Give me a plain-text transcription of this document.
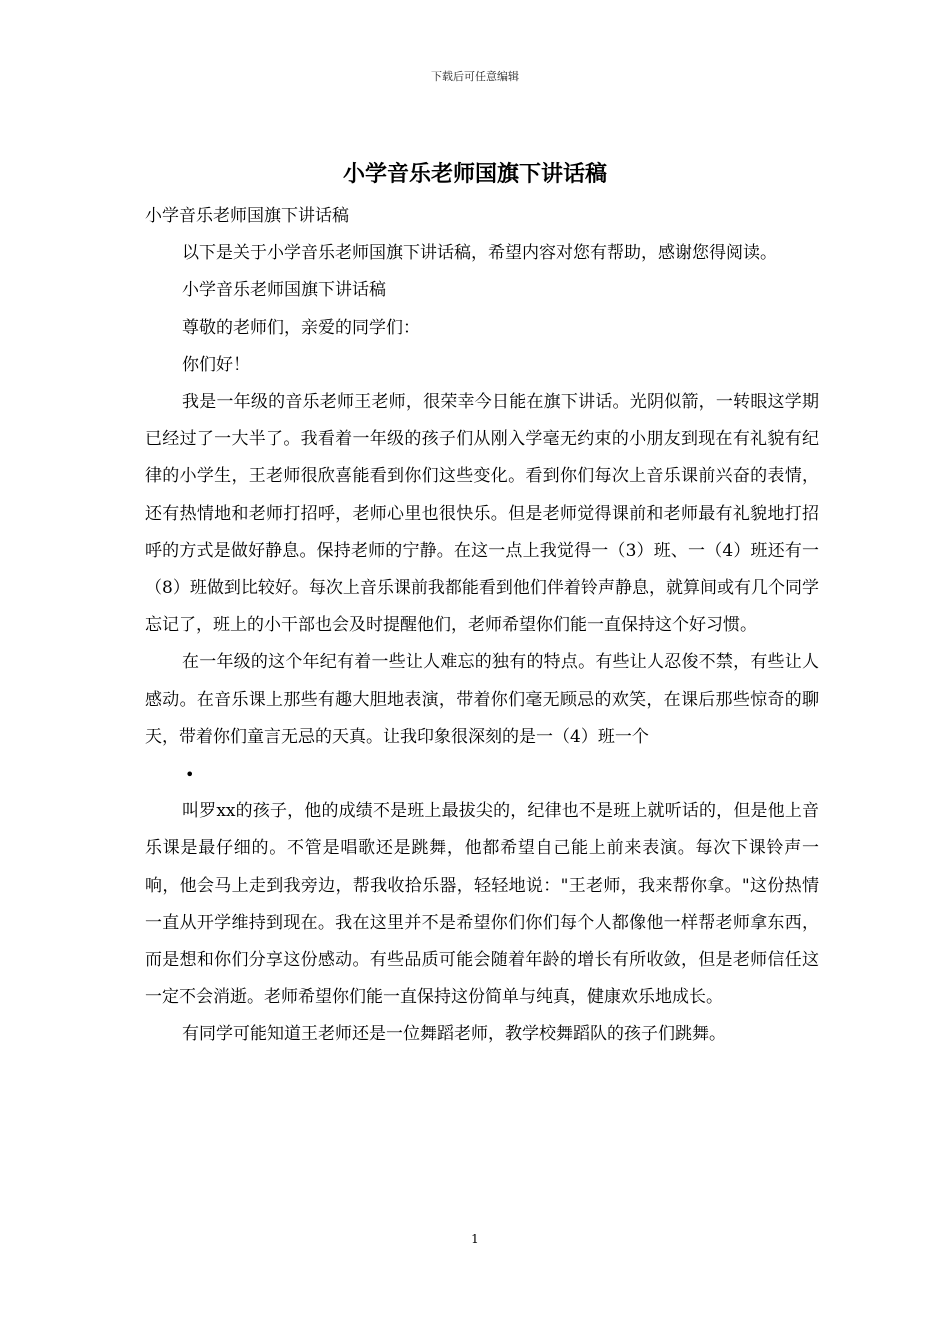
下载后可任意编辑
小学音乐老师国旗下讲话稿

小学音乐老师国旗下讲话稿

以下是关于小学音乐老师国旗下讲话稿，希望内容对您有帮助，感谢您得阅读。

小学音乐老师国旗下讲话稿

尊敬的老师们，亲爱的同学们：

你们好！

我是一年级的音乐老师王老师，很荣幸今日能在旗下讲话。光阴似箭，一转眼这学期已经过了一大半了。我看着一年级的孩子们从刚入学毫无约束的小朋友到现在有礼貌有纪律的小学生，王老师很欣喜能看到你们这些变化。看到你们每次上音乐课前兴奋的表情，还有热情地和老师打招呼，老师心里也很快乐。但是老师觉得课前和老师最有礼貌地打招呼的方式是做好静息。保持老师的宁静。在这一点上我觉得一（3）班、一（4）班还有一（8）班做到比较好。每次上音乐课前我都能看到他们伴着铃声静息，就算间或有几个同学忘记了，班上的小干部也会及时提醒他们，老师希望你们能一直保持这个好习惯。

在一年级的这个年纪有着一些让人难忘的独有的特点。有些让人忍俊不禁，有些让人感动。在音乐课上那些有趣大胆地表演，带着你们毫无顾忌的欢笑，在课后那些惊奇的聊天，带着你们童言无忌的天真。让我印象很深刻的是一（4）班一个

•

叫罗xx的孩子，他的成绩不是班上最拔尖的，纪律也不是班上就听话的，但是他上音乐课是最仔细的。不管是唱歌还是跳舞，他都希望自己能上前来表演。每次下课铃声一响，他会马上走到我旁边，帮我收拾乐器，轻轻地说："王老师，我来帮你拿。"这份热情一直从开学维持到现在。我在这里并不是希望你们你们每个人都像他一样帮老师拿东西，而是想和你们分享这份感动。有些品质可能会随着年龄的增长有所收敛，但是老师信任这一定不会消逝。老师希望你们能一直保持这份简单与纯真，健康欢乐地成长。

有同学可能知道王老师还是一位舞蹈老师，教学校舞蹈队的孩子们跳舞。

1
